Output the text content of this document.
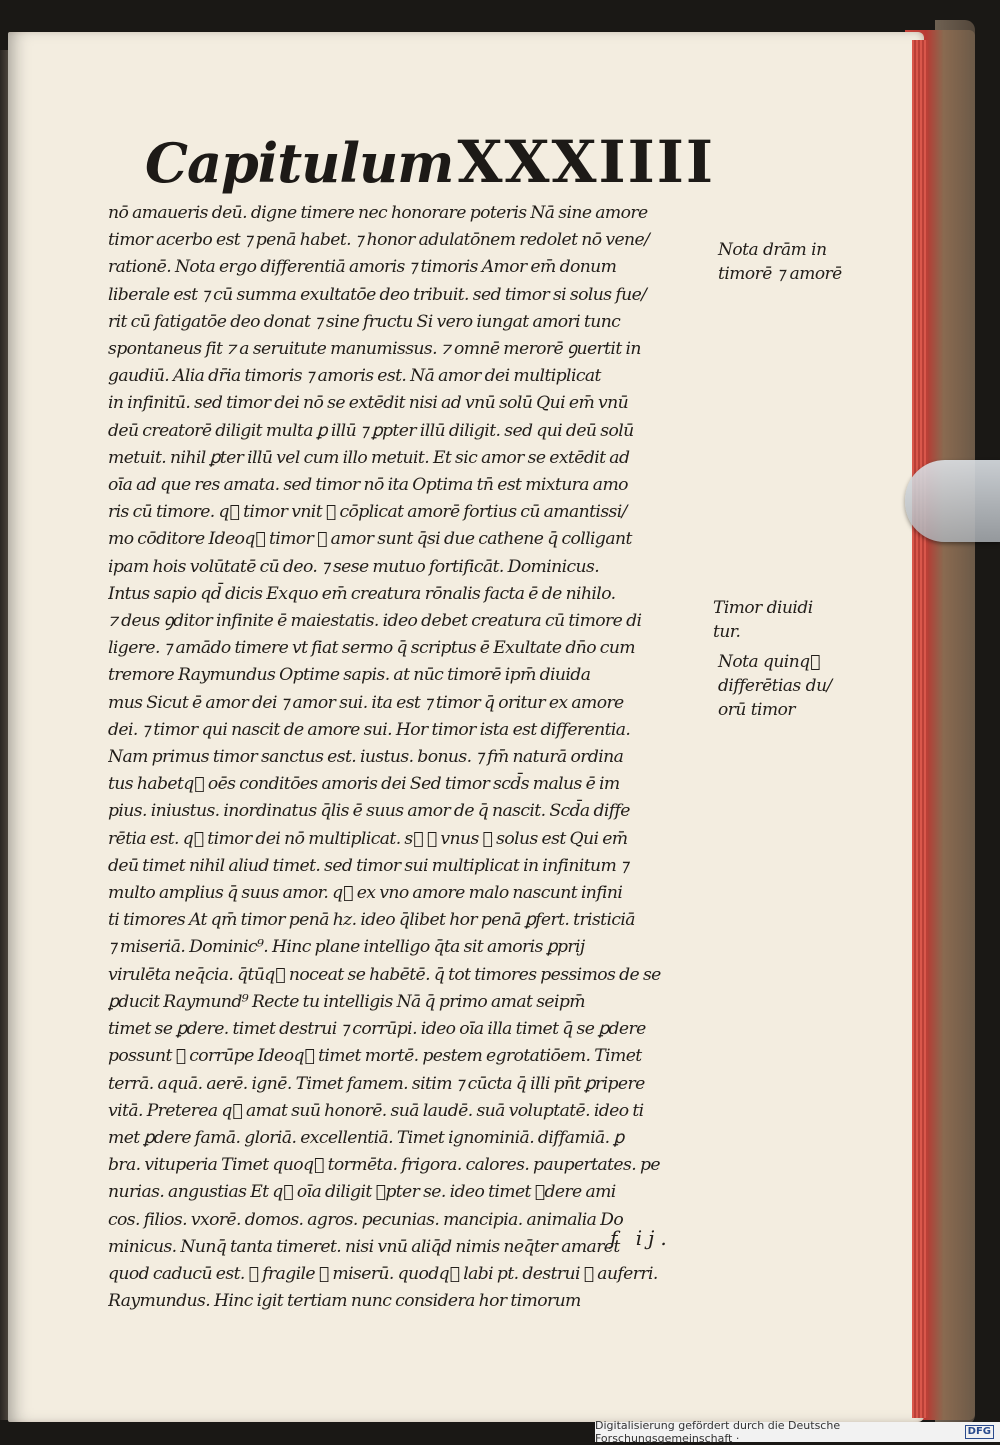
Capitulum XXXIIII
nō amaueris deū. digne timere nec honorare poteris Nā sine amore
timor acerbo est ⁊ penā habet. ⁊ honor adulatōnem redolet nō vene/
rationē. Nota ergo differentiā amoris ⁊ timoris Amor em̄ donum
liberale est ⁊ cū summa exultatōe deo tribuit. sed timor si solus fue/
rit cū fatigatōe deo donat ⁊ sine fructu Si vero iungat amori tunc
spontaneus fit ⁊ a seruitute manumissus. ⁊ omnē merorē ꝯuertit in
gaudiū. Alia dr̄ia timoris ⁊ amoris est. Nā amor dei multiplicat
in infinitū. sed timor dei nō se extēdit nisi ad vnū solū Qui em̄ vnū
deū creatorē diligit multa ꝑ illū ⁊ ꝑpter illū diligit. sed qui deū solū
metuit. nihil ꝑter illū vel cum illo metuit. Et sic amor se extēdit ad
oīa ad que res amata. sed timor nō ita Optima tn̄ est mixtura amo
ris cū timore. q᷑ timor vnit ⁊ cōplicat amorē fortius cū amantissi/
mo cōditore Ideoq᷑ timor ⁊ amor sunt q̄si due cathene q̄ colligant
ipam hois volūtatē cū deo. ⁊ sese mutuo fortificāt. Dominicus.
Intus sapio qd̄ dicis Exquo em̄ creatura rōnalis facta ē de nihilo.
⁊ deus ꝯditor infinite ē maiestatis. ideo debet creatura cū timore di
ligere. ⁊ amādo timere vt fiat sermo q̄ scriptus ē Exultate dn̄o cum
tremore Raymundus Optime sapis. at nūc timorē ipm̄ diuida
mus Sicut ē amor dei ⁊ amor sui. ita est ⁊ timor q̄ oritur ex amore
dei. ⁊ timor qui nascit de amore sui. Hor timor ista est differentia.
Nam primus timor sanctus est. iustus. bonus. ⁊ fm̄ naturā ordina
tus habetq᷑ oēs conditōes amoris dei Sed timor scd̄s malus ē im
pius. iniustus. inordinatus q̄lis ē suus amor de q̄ nascit. Scd̄a diffe
rētia est. q᷑ timor dei nō multiplicat. s᷑ ꝑ vnus ⁊ solus est Qui em̄
deū timet nihil aliud timet. sed timor sui multiplicat in infinitum ⁊
multo amplius q̄ suus amor. q᷑ ex vno amore malo nascunt infini
ti timores At qm̄ timor penā hz. ideo q̄libet hor penā ꝑfert. tristiciā
⁊ miseriā. Dominic⁹. Hinc plane intelligo q̄ta sit amoris ꝑprij
virulēta neq̄cia. q̄tūq᷑ noceat se habētē. q̄ tot timores pessimos de se
ꝑducit Raymund⁹ Recte tu intelligis Nā q̄ primo amat seipm̄
timet se ꝑdere. timet destrui ⁊ corrūpi. ideo oīa illa timet q̄ se ꝑdere
possunt ⁊ corrūpe Ideoq᷑ timet mortē. pestem egrotatiōem. Timet
terrā. aquā. aerē. ignē. Timet famem. sitim ⁊ cūcta q̄ illi pn̄t ꝑripere
vitā. Preterea q᷑ amat suū honorē. suā laudē. suā voluptatē. ideo ti
met ꝑdere famā. gloriā. excellentiā. Timet ignominiā. diffamiā. ꝑ
bra. vituperia Timet quoq᷑ tormēta. frigora. calores. paupertates. pe
nurias. angustias Et q᷑ oīa diligit ꝑpter se. ideo timet ꝑdere ami
cos. filios. vxorē. domos. agros. pecunias. mancipia. animalia Do
minicus. Nunq̄ tanta timeret. nisi vnū aliq̄d nimis neq̄ter amaret
quod caducū est. ⁊ fragile ⁊ miserū. quodq᷑ labi pt. destrui ⁊ auferri.
Raymundus. Hinc igit tertiam nunc considera hor timorum
Nota drām in
timorē ⁊ amorē
Timor diuidi
tur.
Nota quinq᷑
differētias du/
orū timor
f ij.
Digitalisierung gefördert durch die Deutsche Forschungsgemeinschaft ·
DFG
